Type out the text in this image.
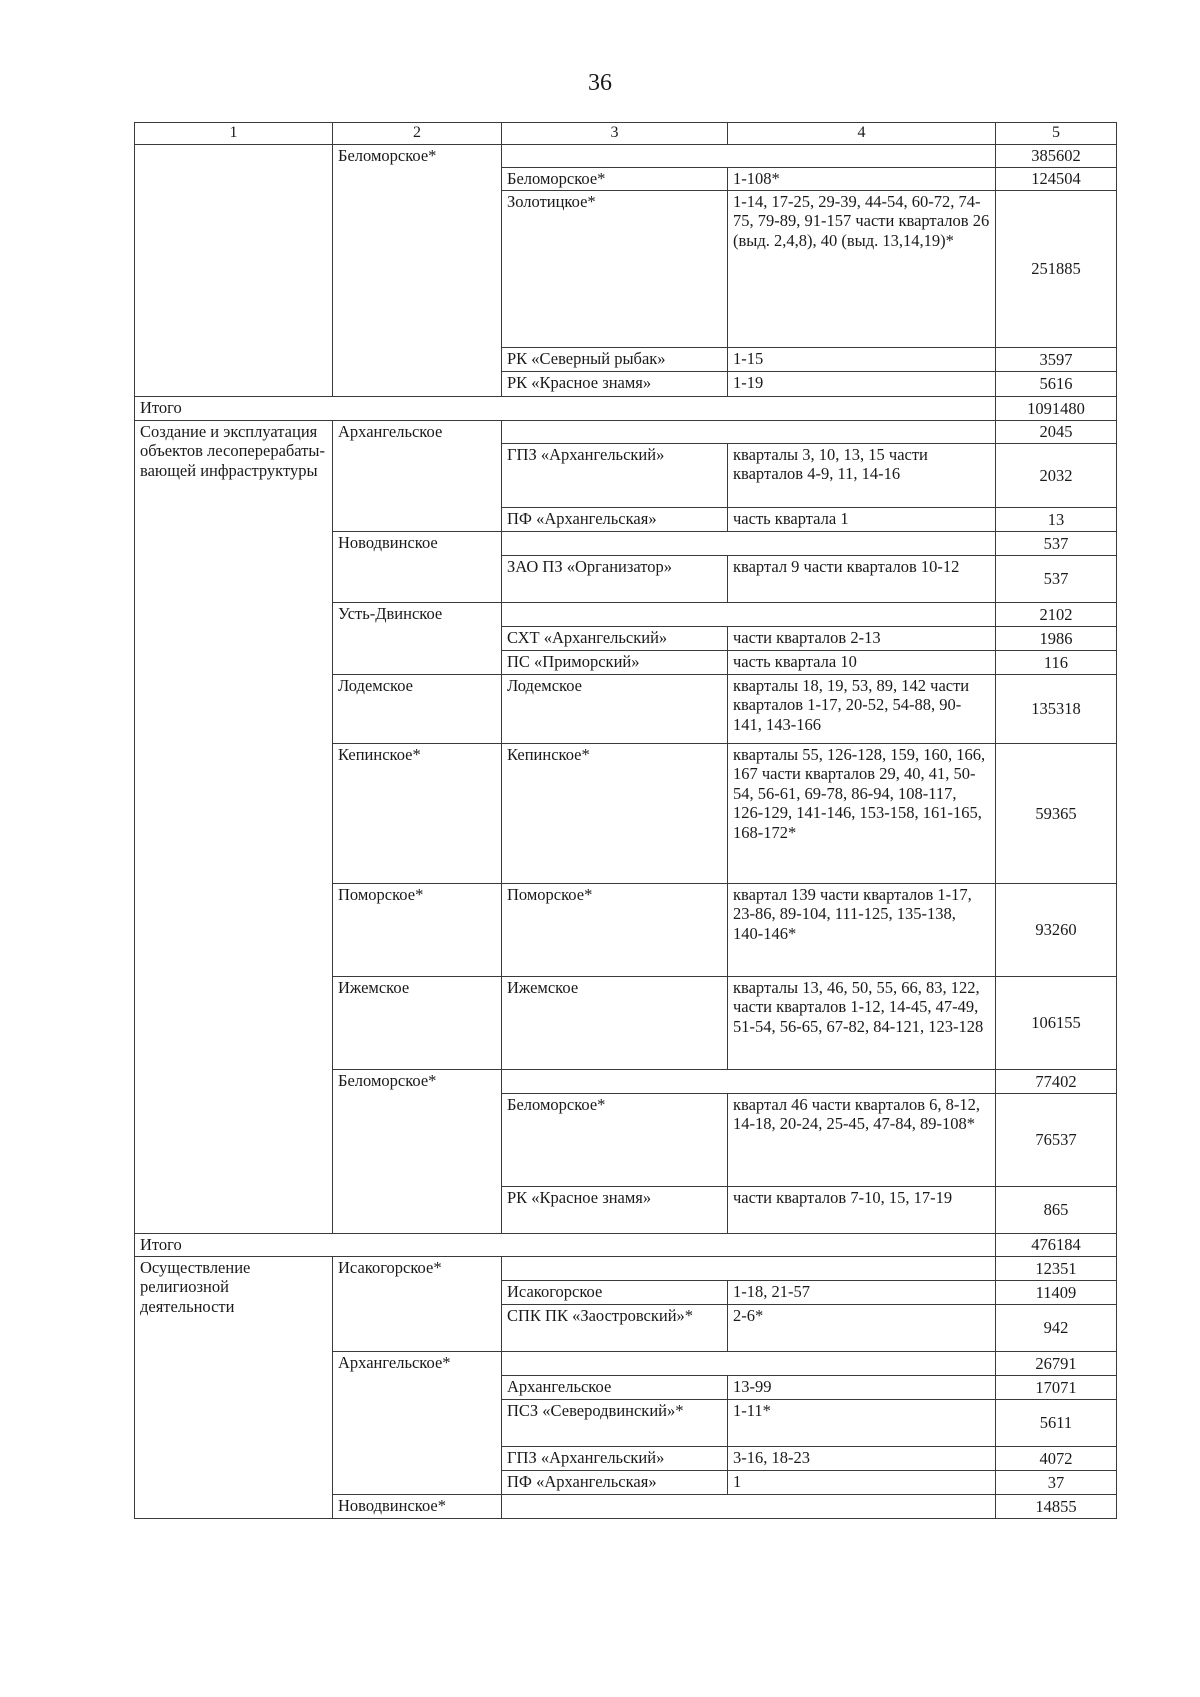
36
1	2	3	4	5
	Беломорское*			385602
		Беломорское*	1-108*	124504
		Золотицкое*	1-14, 17-25, 29-39, 44-54, 60-72, 74-75, 79-89, 91-157 части кварталов 26 (выд. 2,4,8), 40 (выд. 13,14,19)*	251885
		РК «Северный рыбак»	1-15	3597
		РК «Красное знамя»	1-19	5616
Итого				1091480
Создание и эксплуатация объектов лесоперерабаты-вающей инфраструктуры	Архангельское			2045
		ГПЗ «Архангельский»	кварталы 3, 10, 13, 15 части кварталов 4-9, 11, 14-16	2032
		ПФ «Архангельская»	часть квартала 1	13
	Новодвинское			537
		ЗАО ПЗ «Организатор»	квартал 9 части кварталов 10-12	537
	Усть-Двинское			2102
		СХТ «Архангельский»	части кварталов 2-13	1986
		ПС «Приморский»	часть квартала 10	116
	Лодемское	Лодемское	кварталы 18, 19, 53, 89, 142 части кварталов 1-17, 20-52, 54-88, 90-141, 143-166	135318
	Кепинское*	Кепинское*	кварталы 55, 126-128, 159, 160, 166, 167 части кварталов 29, 40, 41, 50-54, 56-61, 69-78, 86-94, 108-117, 126-129, 141-146, 153-158, 161-165, 168-172*	59365
	Поморское*	Поморское*	квартал 139 части кварталов 1-17, 23-86, 89-104, 111-125, 135-138, 140-146*	93260
	Ижемское	Ижемское	кварталы 13, 46, 50, 55, 66, 83, 122, части кварталов 1-12, 14-45, 47-49, 51-54, 56-65, 67-82, 84-121, 123-128	106155
	Беломорское*			77402
		Беломорское*	квартал 46 части кварталов 6, 8-12, 14-18, 20-24, 25-45, 47-84, 89-108*	76537
		РК «Красное знамя»	части кварталов 7-10, 15, 17-19	865
Итого				476184
Осуществление религиозной деятельности	Исакогорское*			12351
		Исакогорское	1-18, 21-57	11409
		СПК ПК «Заостровский»*	2-6*	942
	Архангельское*			26791
		Архангельское	13-99	17071
		ПСЗ «Северодвинский»*	1-11*	5611
		ГПЗ «Архангельский»	3-16, 18-23	4072
		ПФ «Архангельская»	1	37
	Новодвинское*			14855
